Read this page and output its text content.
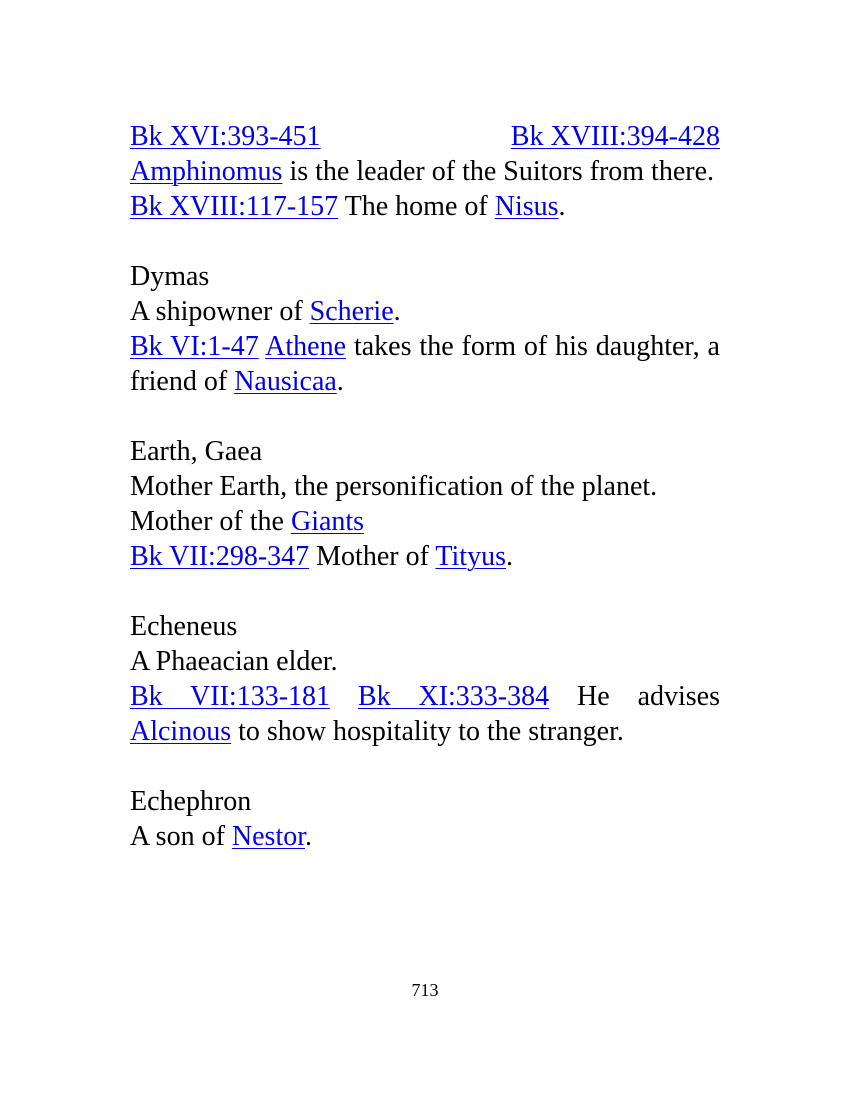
Bk XVI:393-451	Bk XVIII:394-428

Amphinomus is the leader of the Suitors from there.

Bk XVIII:117-157 The home of Nisus.

Dymas

A shipowner of Scherie.

Bk VI:1-47 Athene takes the form of his daughter, a friend of Nausicaa.

Earth, Gaea

Mother Earth, the personification of the planet.

Mother of the Giants

Bk VII:298-347 Mother of Tityus.

Echeneus

A Phaeacian elder.

Bk VII:133-181 Bk XI:333-384 He advises Alcinous to show hospitality to the stranger.

Echephron

A son of Nestor.

713
